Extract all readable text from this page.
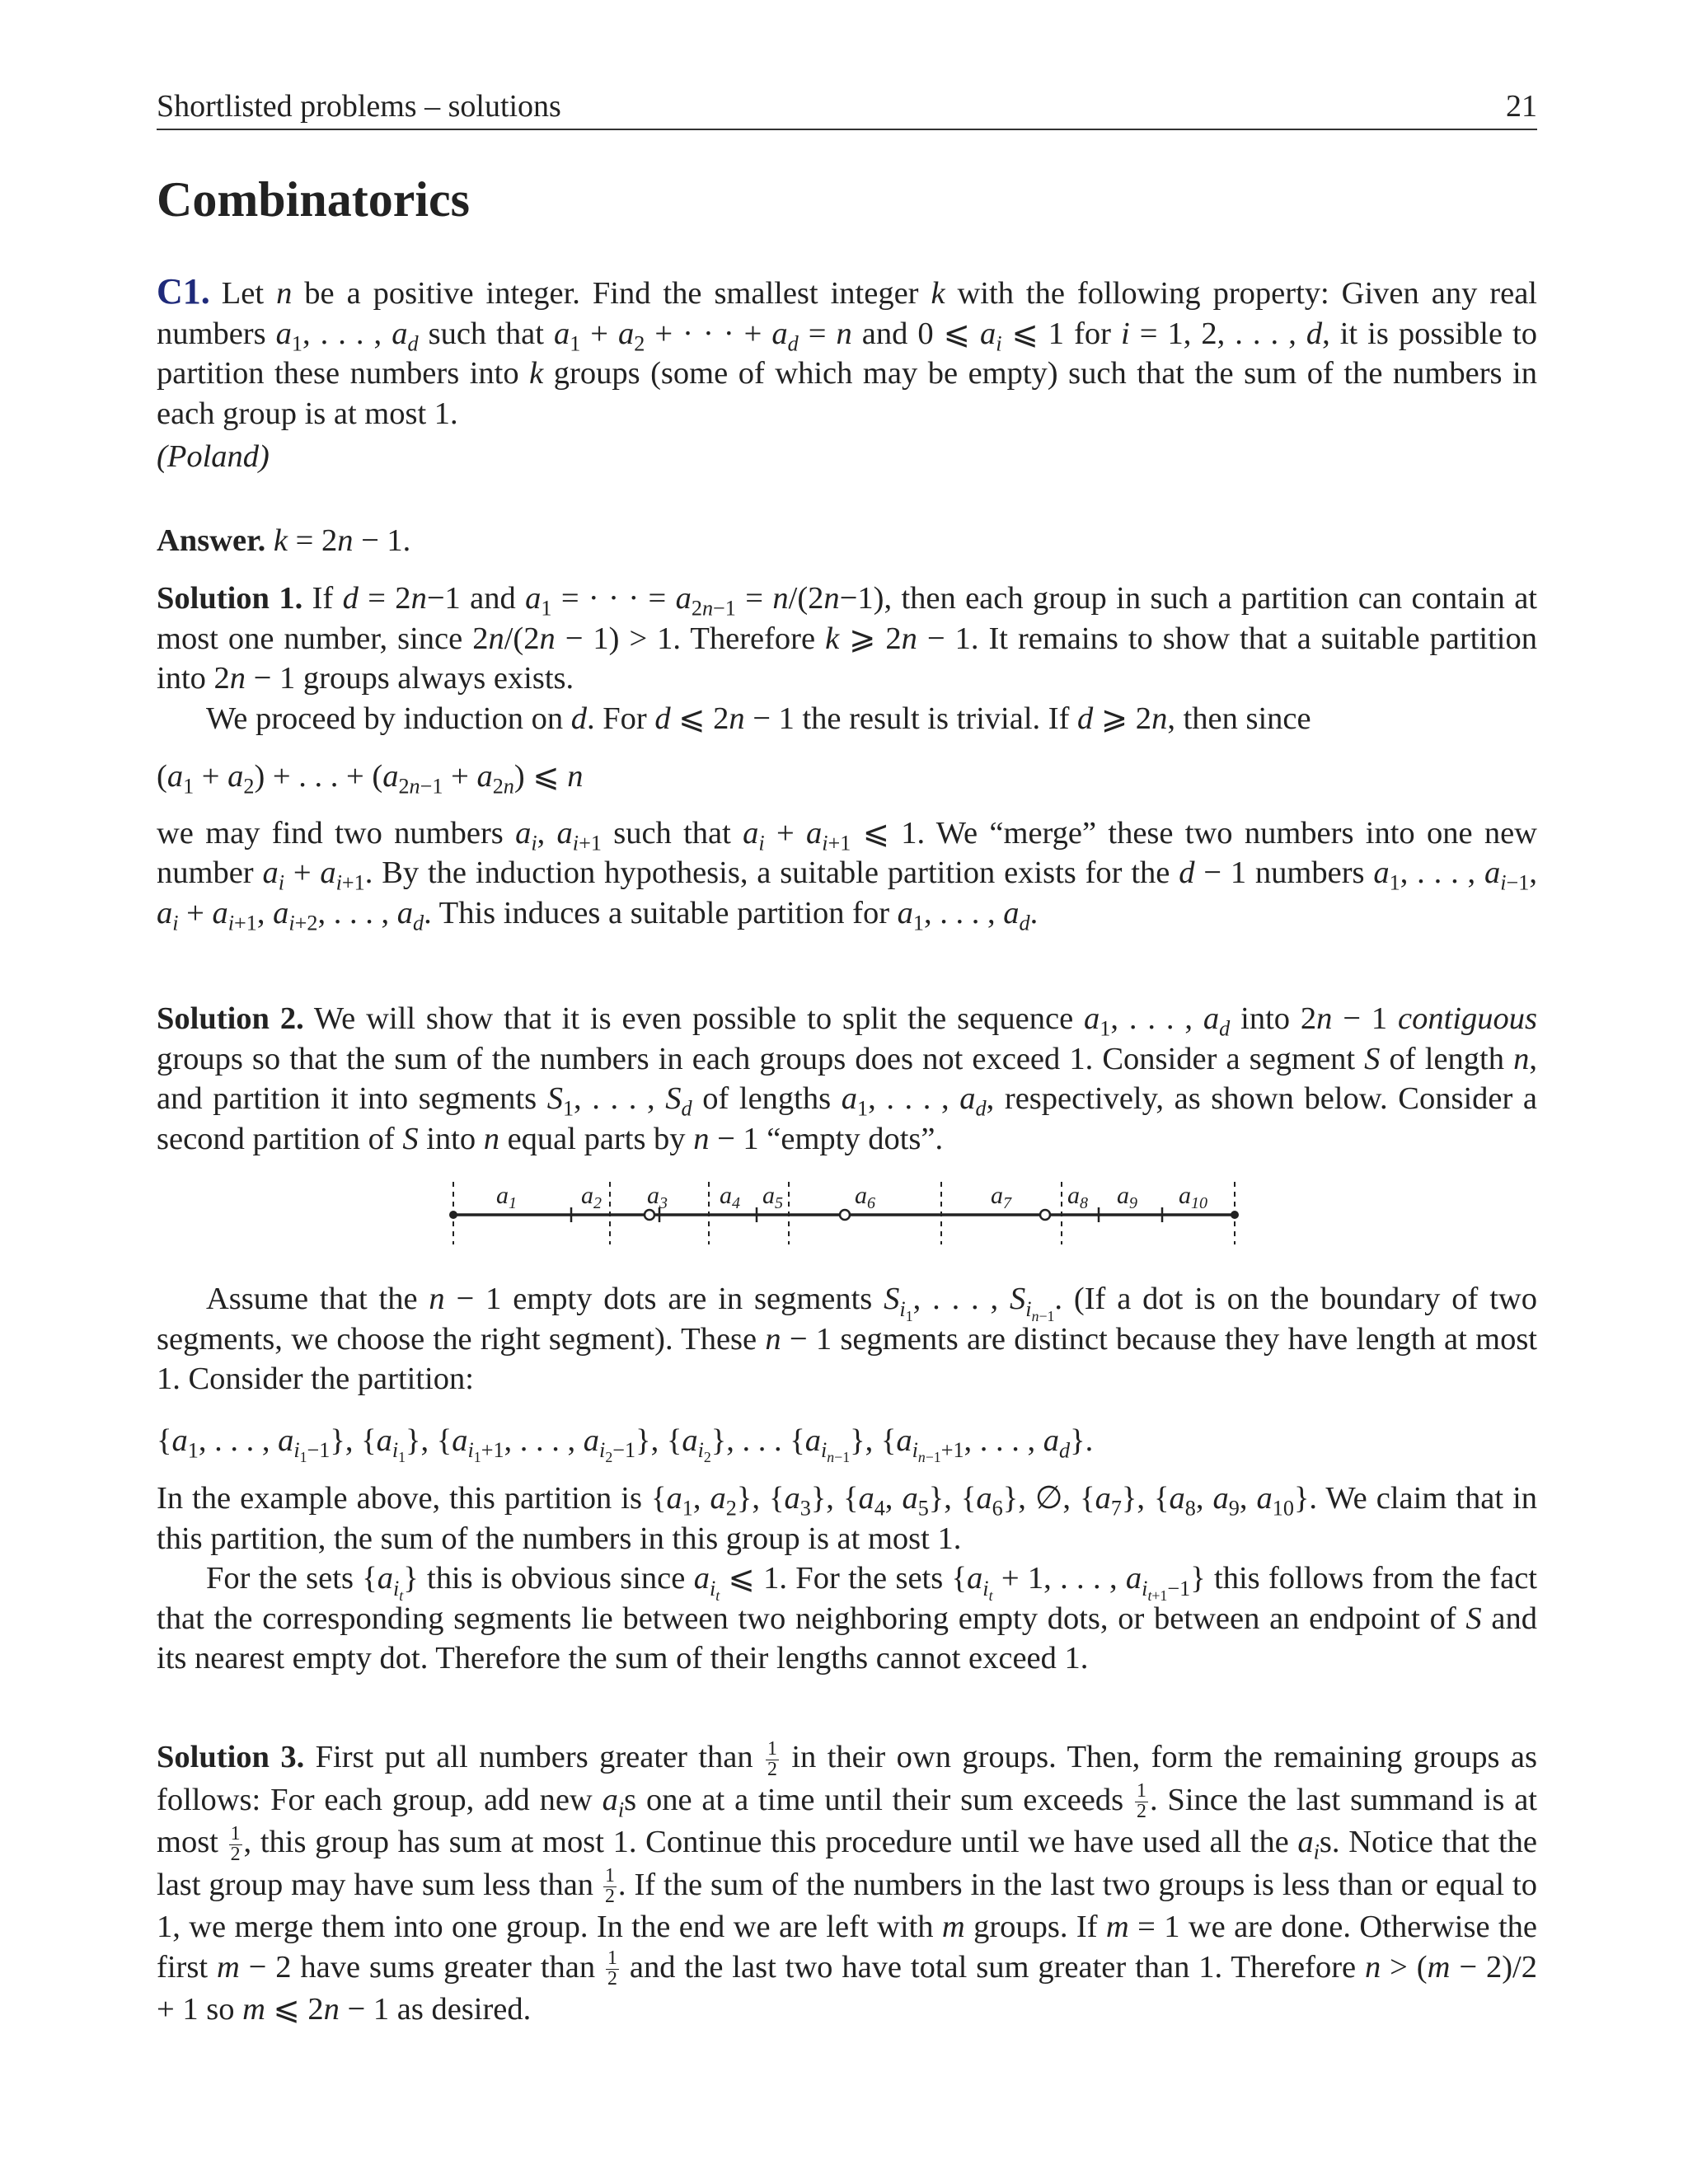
Shortlisted problems – solutions	21
Combinatorics

C1. Let n be a positive integer. Find the smallest integer k with the following property: Given any real numbers $a_1$, . . . , $a_d$ such that $a_1 + a_2$ + · · · + $a_d = n$ and 0 ⩽ $a_i$ ⩽ 1 for i = 1, 2, . . . , d, it is possible to partition these numbers into k groups (some of which may be empty) such that the sum of the numbers in each group is at most 1.

(Poland)

Answer. k = 2n − 1.

Solution 1. If d = 2n−1 and $a_1$ = · · · = $a_{2n-1} = n/(2n-1)$, then each group in such a partition can contain at most one number, since 2n/(2n − 1) > 1. Therefore k ⩾ 2n − 1. It remains to show that a suitable partition into 2n − 1 groups always exists.

We proceed by induction on d. For d ⩽ 2n − 1 the result is trivial. If d ⩾ 2n, then since

$(a_1 + a_2)$ + . . . + $(a_{2n-1} + a_{2n})$ ⩽ n

we may find two numbers $a_i$, $a_{i+1}$ such that $a_i + a_{i+1}$ ⩽ 1. We “merge” these two numbers into one new number $a_i + a_{i+1}$. By the induction hypothesis, a suitable partition exists for the d − 1 numbers $a_1$, . . . , $a_{i-1}$, $a_i + a_{i+1}$, $a_{i+2}$, . . . , $a_d$. This induces a suitable partition for $a_1$, . . . , $a_d$.

Solution 2. We will show that it is even possible to split the sequence $a_1$, . . . , $a_d$ into 2n − 1 contiguous groups so that the sum of the numbers in each groups does not exceed 1. Consider a segment S of length n, and partition it into segments $S_1$, . . . , $S_d$ of lengths $a_1$, . . . , $a_d$, respectively, as shown below. Consider a second partition of S into n equal parts by n − 1 “empty dots”.

$a_1$	$a_2$ $a_3$ $a_4$ $a_5$	$a_6$	$a_7$ $a_8$ $a_9$ $a_{10}$

Assume that the n − 1 empty dots are in segments $S_{i_1}$, . . . , $S_{i_{n-1}}$. (If a dot is on the boundary of two segments, we choose the right segment). These n − 1 segments are distinct because they have length at most 1. Consider the partition:

{$a_1$, . . . , $a_{i_1-1}$}, $\{a_{i_1}\}$, {$a_{i_1+1}$, . . . , $a_{i_2-1}$}, $\{a_{i_2}\}$, . . . $\{a_{i_{n-1}}\}$, {$a_{i_{n-1}+1}$, . . . , $a_d$}.

In the example above, this partition is {$a_1$, $a_2$}, $\{a_3\}$, {$a_4$, $a_5$}, $\{a_6\}$, ∅, $\{a_7\}$, {$a_8$, $a_9$, $a_{10}$}. We claim that in this partition, the sum of the numbers in this group is at most 1.

For the sets $\{a_{i_t}\}$ this is obvious since $a_{i_t}$ ⩽ 1. For the sets {$a_{i_t} + 1$, . . . , $a_{i_{t+1}-1}$} this follows from the fact that the corresponding segments lie between two neighboring empty dots, or between an endpoint of S and its nearest empty dot. Therefore the sum of their lengths cannot exceed 1.

Solution 3. First put all numbers greater than $\frac{1}{2}$ in their own groups. Then, form the remaining groups as follows: For each group, add new $a_is$ one at a time until their sum exceeds $\frac{1}{2}$ . Since the last summand is at most $\frac{1}{2}$ , this group has sum at most 1. Continue this procedure until we have used all the $a_is$. Notice that the last group may have sum less than $\frac{1}{2}$ . If the sum of the numbers in the last two groups is less than or equal to 1, we merge them into one group. In the end we are left with m groups. If m = 1 we are done. Otherwise the first m − 2 have sums greater than $\frac{1}{2}$ and the last two have total sum greater than 1. Therefore n > (m − 2)/2 + 1 so m ⩽ 2n − 1 as desired.
